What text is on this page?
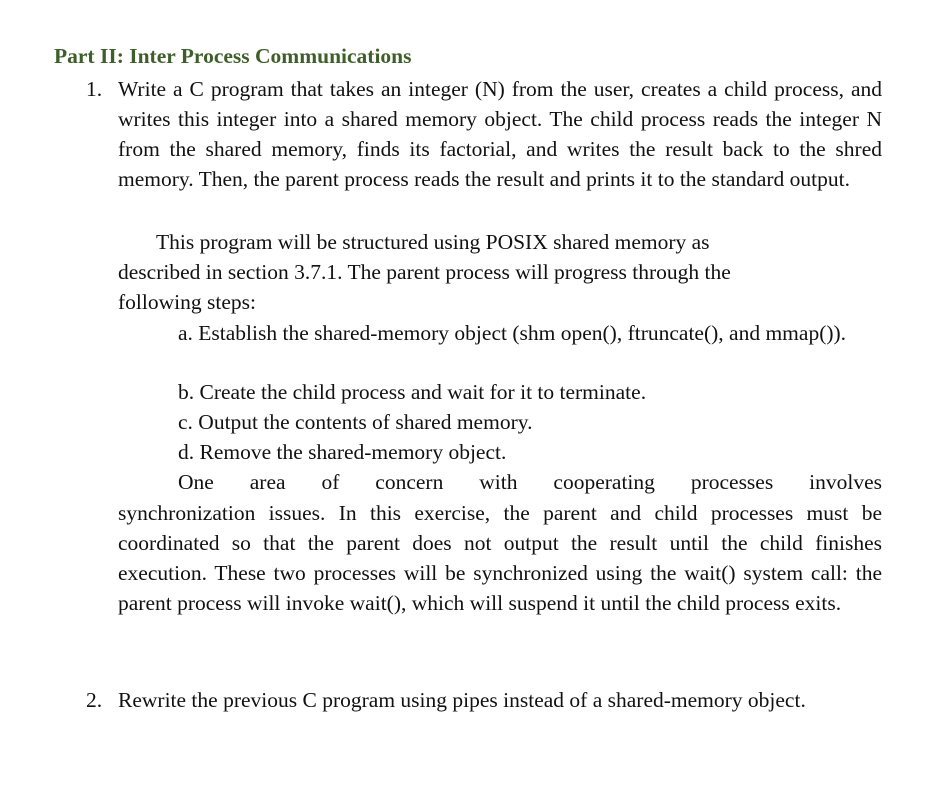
Part II: Inter Process Communications
1. Write a C program that takes an integer (N) from the user, creates a child process, and writes this integer into a shared memory object. The child process reads the integer N from the shared memory, finds its factorial, and writes the result back to the shred memory. Then, the parent process reads the result and prints it to the standard output.
This program will be structured using POSIX shared memory as
described in section 3.7.1. The parent process will progress through the
following steps:
a. Establish the shared-memory object (shm open(), ftruncate(), and mmap()).
b. Create the child process and wait for it to terminate.
c. Output the contents of shared memory.
d. Remove the shared-memory object.
One area of concern with cooperating processes involves
synchronization issues. In this exercise, the parent and child processes must be coordinated so that the parent does not output the result until the child finishes execution. These two processes will be synchronized using the wait() system call: the parent process will invoke wait(), which will suspend it until the child process exits.
2. Rewrite the previous C program using pipes instead of a shared-memory object.
